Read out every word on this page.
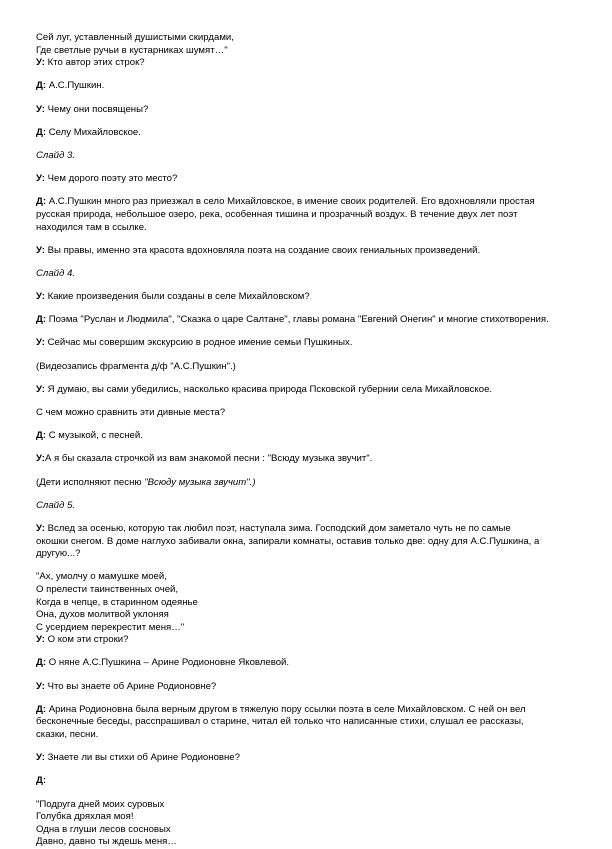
Сей луг, уставленный душистыми скирдами,
Где светлые ручьи в кустарниках шумят…"
У: Кто автор этих строк?
Д: А.С.Пушкин.
У: Чему они посвящены?
Д: Селу Михайловское.
Слайд 3.
У: Чем дорого поэту это место?
Д: А.С.Пушкин много раз приезжал в село Михайловское, в имение своих родителей. Его вдохновляли простая
русская природа, небольшое озеро, река, особенная тишина и прозрачный воздух. В течение двух лет поэт
находился там в ссылке.
У: Вы правы, именно эта красота вдохновляла поэта на создание своих гениальных произведений.
Слайд 4.
У: Какие произведения были созданы в селе Михайловском?
Д: Поэма "Руслан и Людмила", "Сказка о царе Салтане", главы романа "Евгений Онегин" и многие стихотворения.
У: Сейчас мы совершим экскурсию в родное имение семьи Пушкиных.
(Видеозапись фрагмента д/ф "А.С.Пушкин".)
У: Я думаю, вы сами убедились, насколько красива природа Псковской губернии села Михайловское.
С чем можно сравнить эти дивные места?
Д: С музыкой, с песней.
У:А я бы сказала строчкой из вам знакомой песни : "Всюду музыка звучит".
(Дети исполняют песню "Всюду музыка звучит".)
Слайд 5.
У: Вслед за осенью, которую так любил поэт, наступала зима. Господский дом заметало чуть не по самые
окошки снегом. В доме наглухо забивали окна, запирали комнаты, оставив только две: одну для А.С.Пушкина, а
другую...?
"Ах, умолчу о мамушке моей,
О прелести таинственных очей,
Когда в чепце, в старинном одеянье
Она, духов молитвой уклоняя
С усердием перекрестит меня…"
У: О ком эти строки?
Д: О няне А.С.Пушкина – Арине Родионовне Яковлевой.
У: Что вы знаете об Арине Родионовне?
Д: Арина Родионовна была верным другом в тяжелую пору ссылки поэта в селе Михайловском. С ней он вел
бесконечные беседы, расспрашивал о старине, читал ей только что написанные стихи, слушал ее рассказы,
сказки, песни.
У: Знаете ли вы стихи об Арине Родионовне?
Д:
"Подруга дней моих суровых
Голубка дряхлая моя!
Одна в глуши лесов сосновых
Давно, давно ты ждешь меня…
